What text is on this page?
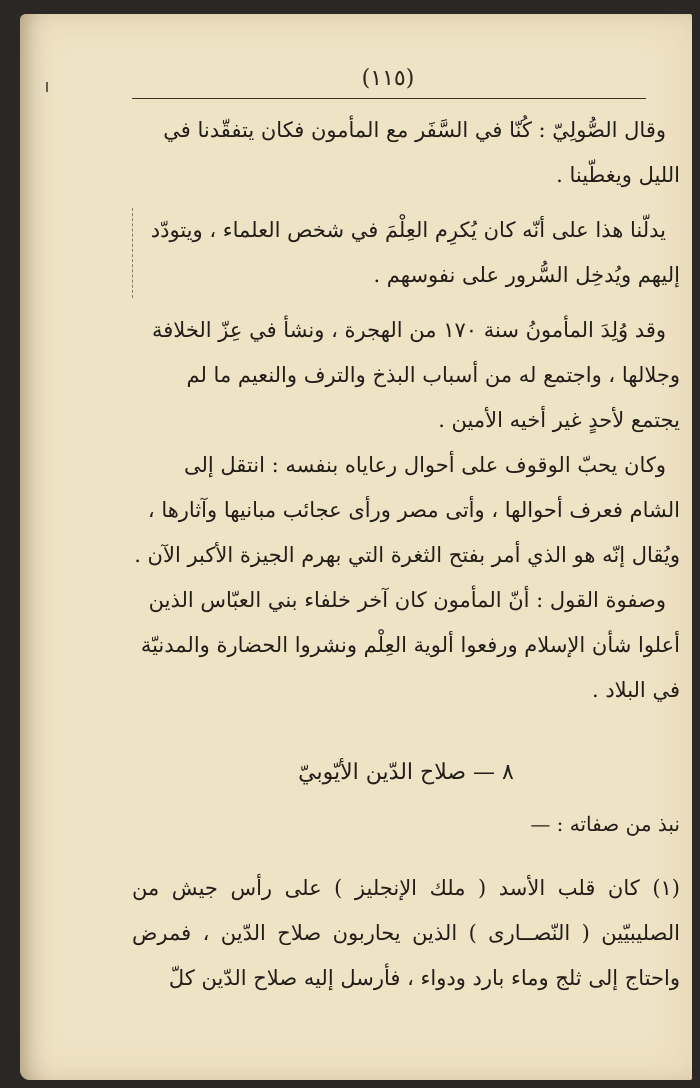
(١١٥)

وقال الصُّولِيّ : كُنّا في السَّفَر مع المأمون فكان يتفقّدنا في الليل ويغطّينا .

يدلّنا هذا على أنّه كان يُكرِم العِلْمَ في شخص العلماء ، ويتودّد إليهم ويُدخِل السُّرور على نفوسهم .

وقد وُلِدَ المأمونُ سنة ١٧٠ من الهجرة ، ونشأ في عِزّ الخلافة وجلالها ، واجتمع له من أسباب البذخ والترف والنعيم ما لم يجتمع لأحدٍ غير أخيه الأمين .

وكان يحبّ الوقوف على أحوال رعاياه بنفسه : انتقل إلى الشام فعرف أحوالها ، وأتى مصر ورأى عجائب مبانيها وآثارها ، ويُقال إنّه هو الذي أمر بفتح الثغرة التي بهرم الجيزة الأكبر الآن .

وصفوة القول : أنّ المأمون كان آخر خلفاء بني العبّاس الذين أعلوا شأن الإسلام ورفعوا ألوية العِلْم ونشروا الحضارة والمدنيّة في البلاد .

٨ — صلاح الدّين الأيّوبيّ
نبذ من صفاته : —

(١) كان قلب الأسد ( ملك الإنجليز ) على رأس جيش من الصليبيّين ( النّصــارى ) الذين يحاربون صلاح الدّين ، فمرض واحتاج إلى ثلج وماء بارد ودواء ، فأرسل إليه صلاح الدّين كلّ
